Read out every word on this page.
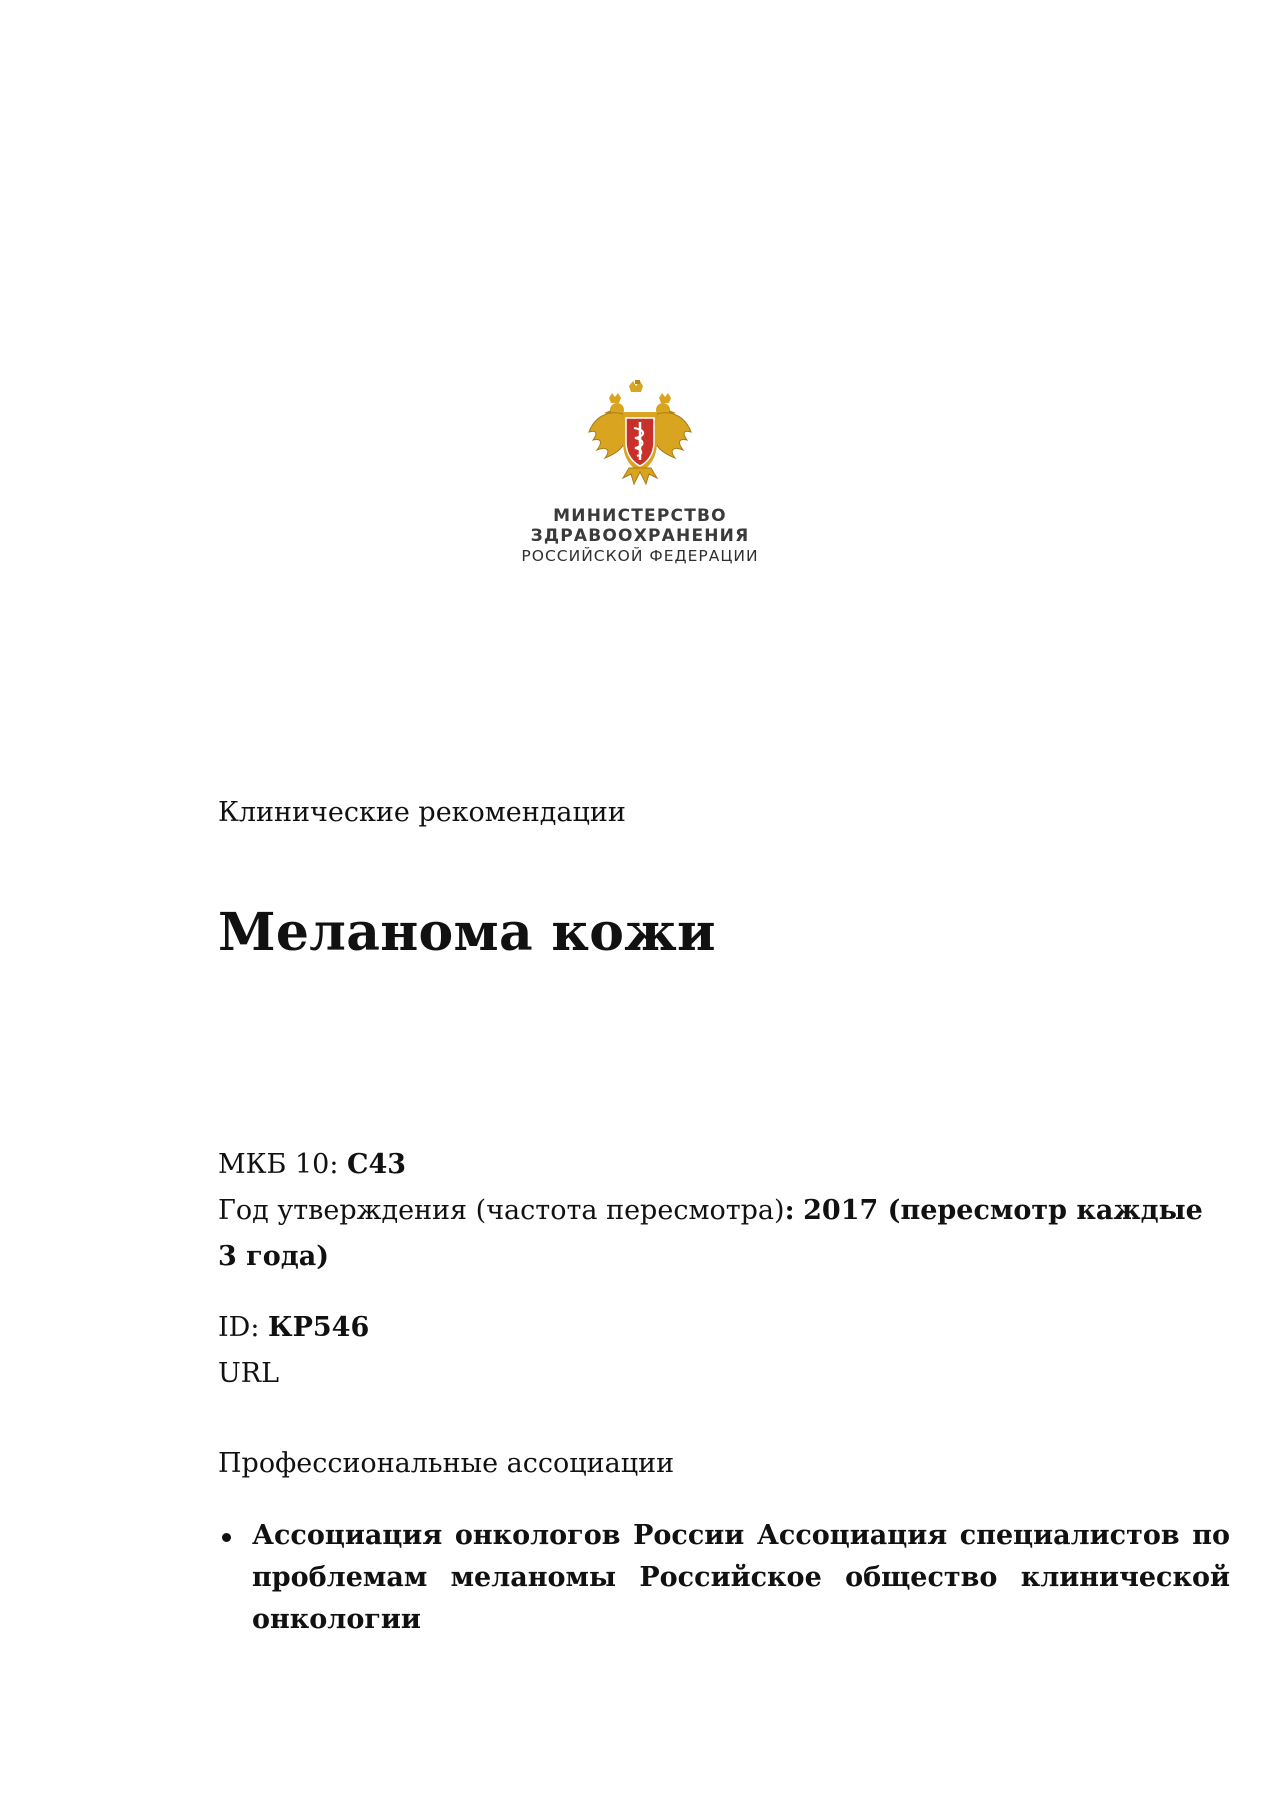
МИНИСТЕРСТВО
ЗДРАВООХРАНЕНИЯ
РОССИЙСКОЙ ФЕДЕРАЦИИ
Клинические рекомендации
Меланома кожи
МКБ 10: C43
Год утверждения (частота пересмотра): 2017 (пересмотр каждые 3 года)
ID: КР546
URL
Профессиональные ассоциации
Ассоциация онкологов России Ассоциация специалистов по проблемам меланомы Российское общество клинической онкологии
